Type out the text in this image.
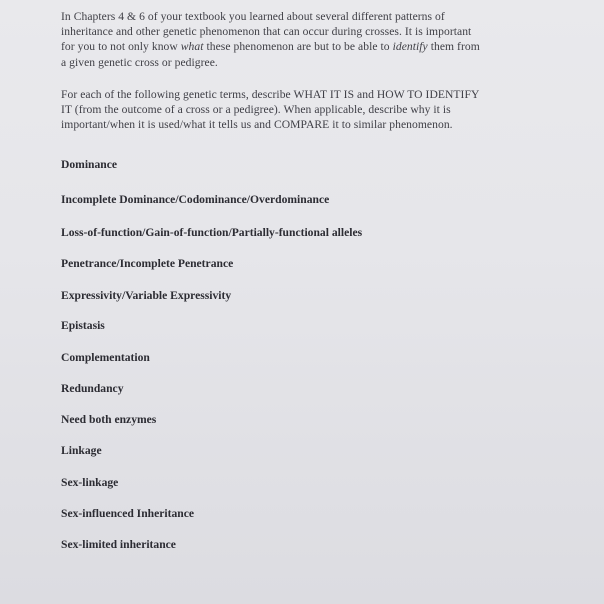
In Chapters 4 & 6 of your textbook you learned about several different patterns of
inheritance and other genetic phenomenon that can occur during crosses. It is important
for you to not only know what these phenomenon are but to be able to identify them from
a given genetic cross or pedigree.

For each of the following genetic terms, describe WHAT IT IS and HOW TO IDENTIFY
IT (from the outcome of a cross or a pedigree). When applicable, describe why it is
important/when it is used/what it tells us and COMPARE it to similar phenomenon.

Dominance
Incomplete Dominance/Codominance/Overdominance
Loss-of-function/Gain-of-function/Partially-functional alleles
Penetrance/Incomplete Penetrance
Expressivity/Variable Expressivity
Epistasis
Complementation
Redundancy
Need both enzymes
Linkage
Sex-linkage
Sex-influenced Inheritance
Sex-limited inheritance
